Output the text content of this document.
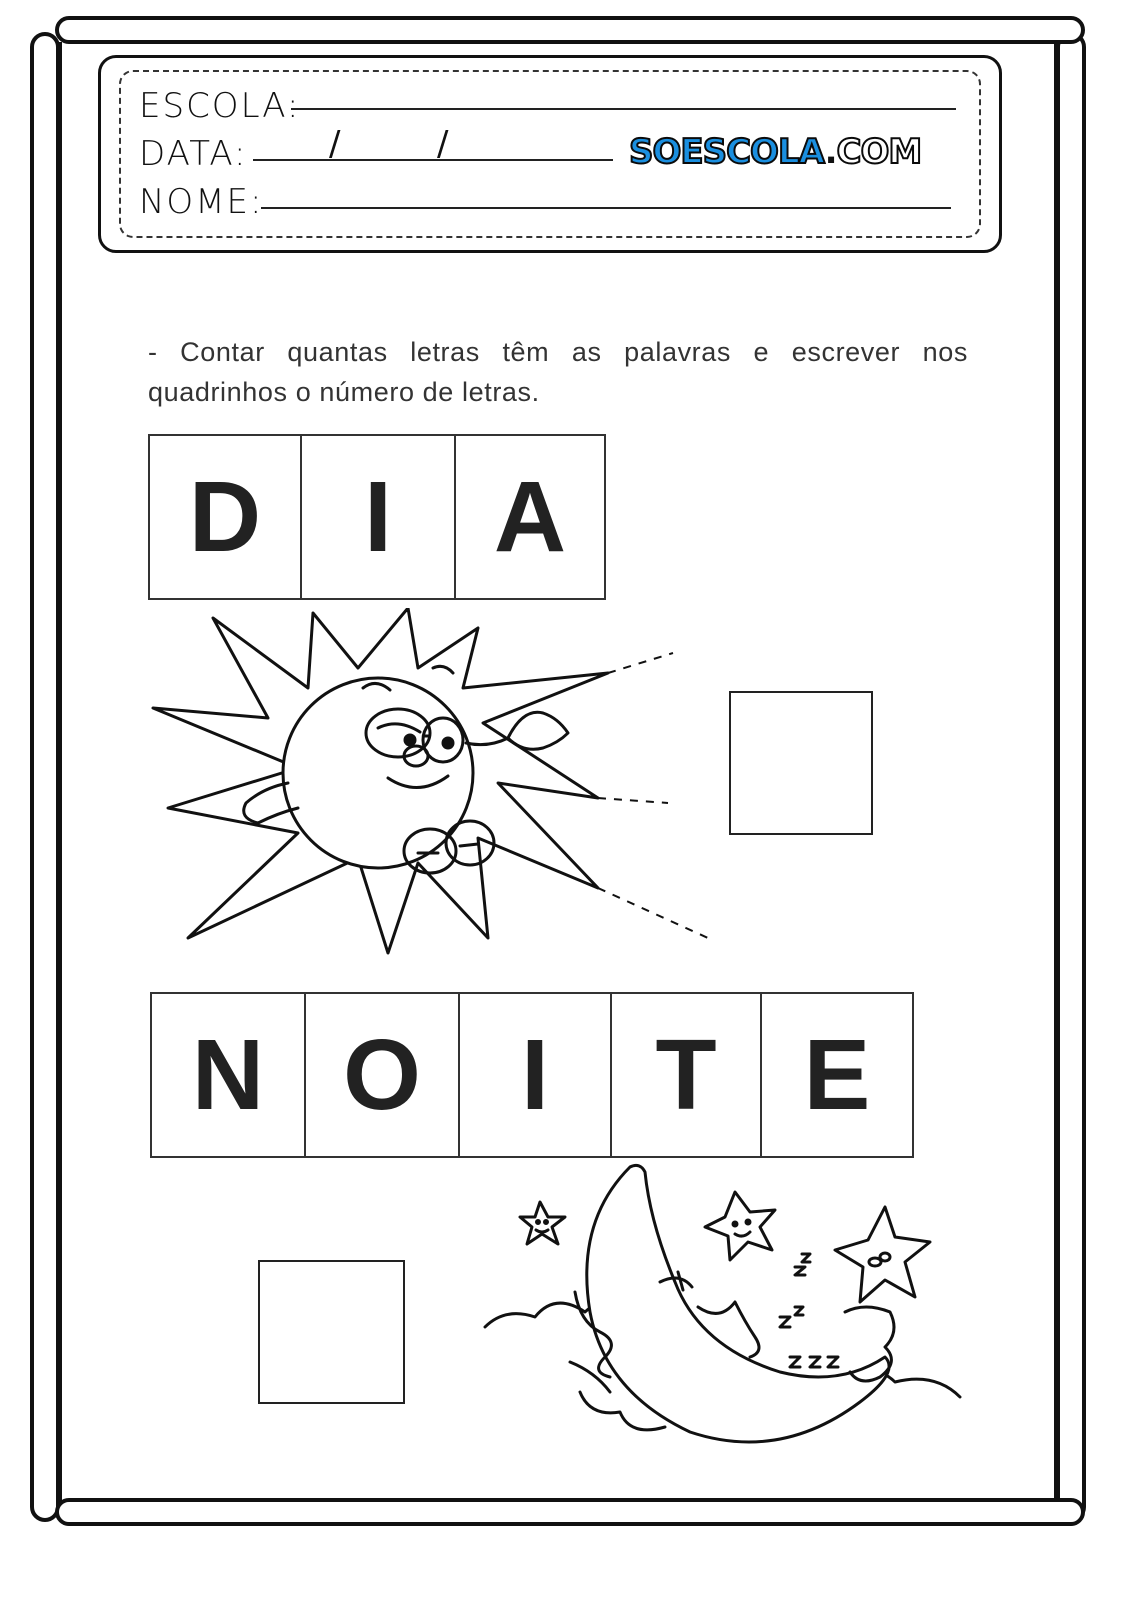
ESCOLA:
DATA: /	/	SOESCOLA.COM
NOME:
- Contar quantas letras têm as palavras e escrever nos quadrinhos o número de letras.
D I A
N O I T E
